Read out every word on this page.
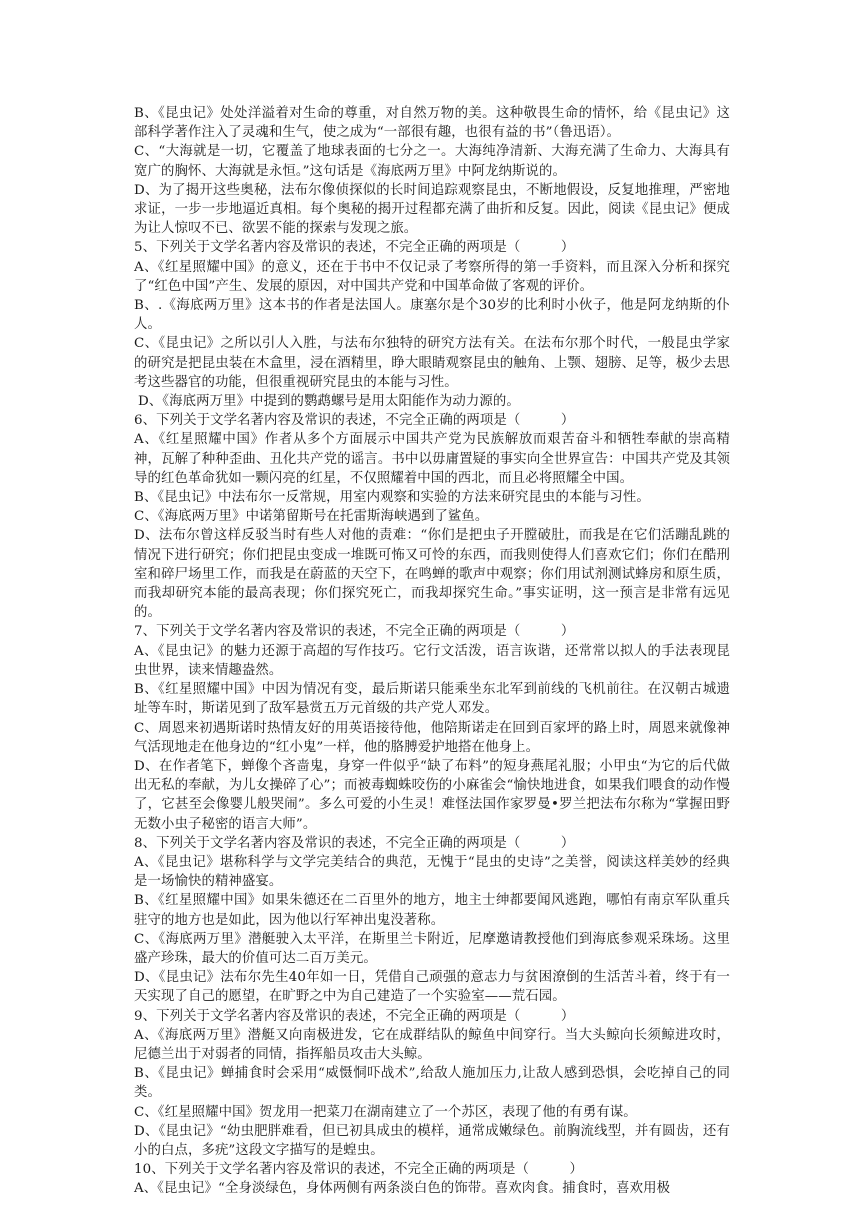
B、《昆虫记》处处洋溢着对生命的尊重，对自然万物的美。这种敬畏生命的情怀，给《昆虫记》这部科学著作注入了灵魂和生气，使之成为“一部很有趣，也很有益的书”（鲁迅语）。

C、“大海就是一切，它覆盖了地球表面的七分之一。大海纯净清新、大海充满了生命力、大海具有宽广的胸怀、大海就是永恒。”这句话是《海底两万里》中阿龙纳斯说的。

D、为了揭开这些奥秘，法布尔像侦探似的长时间追踪观察昆虫，不断地假设，反复地推理，严密地求证，一步一步地逼近真相。每个奥秘的揭开过程都充满了曲折和反复。因此，阅读《昆虫记》便成为让人惊叹不已、欲罢不能的探索与发现之旅。

5、下列关于文学名著内容及常识的表述，不完全正确的两项是（　　　）

A、《红星照耀中国》的意义，还在于书中不仅记录了考察所得的第一手资料，而且深入分析和探究了“红色中国”产生、发展的原因，对中国共产党和中国革命做了客观的评价。

B、.《海底两万里》这本书的作者是法国人。康塞尔是个30岁的比利时小伙子，他是阿龙纳斯的仆人。

C、《昆虫记》之所以引人入胜，与法布尔独特的研究方法有关。在法布尔那个时代，一般昆虫学家的研究是把昆虫装在木盒里，浸在酒精里，睁大眼睛观察昆虫的触角、上颚、翅膀、足等，极少去思考这些器官的功能，但很重视研究昆虫的本能与习性。

D、《海底两万里》中提到的鹦鹉螺号是用太阳能作为动力源的。

6、下列关于文学名著内容及常识的表述，不完全正确的两项是（　　　）

A、《红星照耀中国》作者从多个方面展示中国共产党为民族解放而艰苦奋斗和牺牲奉献的崇高精神，瓦解了种种歪曲、丑化共产党的谣言。书中以毋庸置疑的事实向全世界宣告：中国共产党及其领导的红色革命犹如一颗闪亮的红星，不仅照耀着中国的西北，而且必将照耀全中国。

B、《昆虫记》中法布尔一反常规，用室内观察和实验的方法来研究昆虫的本能与习性。

C、《海底两万里》中诺第留斯号在托雷斯海峡遇到了鲨鱼。

D、法布尔曾这样反驳当时有些人对他的责难：“你们是把虫子开膛破肚，而我是在它们活蹦乱跳的情况下进行研究；你们把昆虫变成一堆既可怖又可怜的东西，而我则使得人们喜欢它们；你们在酷刑室和碎尸场里工作，而我是在蔚蓝的天空下，在鸣蝉的歌声中观察；你们用试剂测试蜂房和原生质，而我却研究本能的最高表现；你们探究死亡，而我却探究生命。”事实证明，这一预言是非常有远见的。

7、下列关于文学名著内容及常识的表述，不完全正确的两项是（　　　）

A、《昆虫记》的魅力还源于高超的写作技巧。它行文活泼，语言诙谐，还常常以拟人的手法表现昆虫世界，读来情趣盎然。

B、《红星照耀中国》中因为情况有变，最后斯诺只能乘坐东北军到前线的飞机前往。在汉朝古城遗址等车时，斯诺见到了敌军悬赏五万元首级的共产党人邓发。

C、周恩来初遇斯诺时热情友好的用英语接待他，他陪斯诺走在回到百家坪的路上时，周恩来就像神气活现地走在他身边的“红小鬼”一样，他的胳膊爱护地搭在他身上。

D、在作者笔下，蝉像个吝啬鬼，身穿一件似乎“缺了布料”的短身燕尾礼服；小甲虫“为它的后代做出无私的奉献，为儿女操碎了心”；而被毒蜘蛛咬伤的小麻雀会“愉快地进食，如果我们喂食的动作慢了，它甚至会像婴儿般哭闹”。多么可爱的小生灵！难怪法国作家罗曼•罗兰把法布尔称为“掌握田野无数小虫子秘密的语言大师”。

8、下列关于文学名著内容及常识的表述，不完全正确的两项是（　　　）

A、《昆虫记》堪称科学与文学完美结合的典范，无愧于“昆虫的史诗”之美誉，阅读这样美妙的经典是一场愉快的精神盛宴。

B、《红星照耀中国》如果朱德还在二百里外的地方，地主士绅都要闻风逃跑，哪怕有南京军队重兵驻守的地方也是如此，因为他以行军神出鬼没著称。

C、《海底两万里》潜艇驶入太平洋，在斯里兰卡附近，尼摩邀请教授他们到海底参观采珠场。这里盛产珍珠，最大的价值可达二百万美元。

D、《昆虫记》法布尔先生40年如一日，凭借自己顽强的意志力与贫困潦倒的生活苦斗着，终于有一天实现了自己的愿望，在旷野之中为自己建造了一个实验室——荒石园。

9、下列关于文学名著内容及常识的表述，不完全正确的两项是（　　　）

A、《海底两万里》潜艇又向南极进发，它在成群结队的鲸鱼中间穿行。当大头鲸向长须鲸进攻时，尼德兰出于对弱者的同情，指挥船员攻击大头鲸。

B、《昆虫记》蝉捕食时会采用“威慑恫吓战术”,给敌人施加压力,让敌人感到恐惧，会吃掉自己的同类。

C、《红星照耀中国》贺龙用一把菜刀在湖南建立了一个苏区，表现了他的有勇有谋。

D、《昆虫记》“幼虫肥胖难看，但已初具成虫的模样，通常成嫩绿色。前胸流线型，并有圆齿，还有小的白点，多疣”这段文字描写的是蝗虫。

10、下列关于文学名著内容及常识的表述，不完全正确的两项是（　　　）

A、《昆虫记》“全身淡绿色，身体两侧有两条淡白色的饰带。喜欢肉食。捕食时，喜欢用极
